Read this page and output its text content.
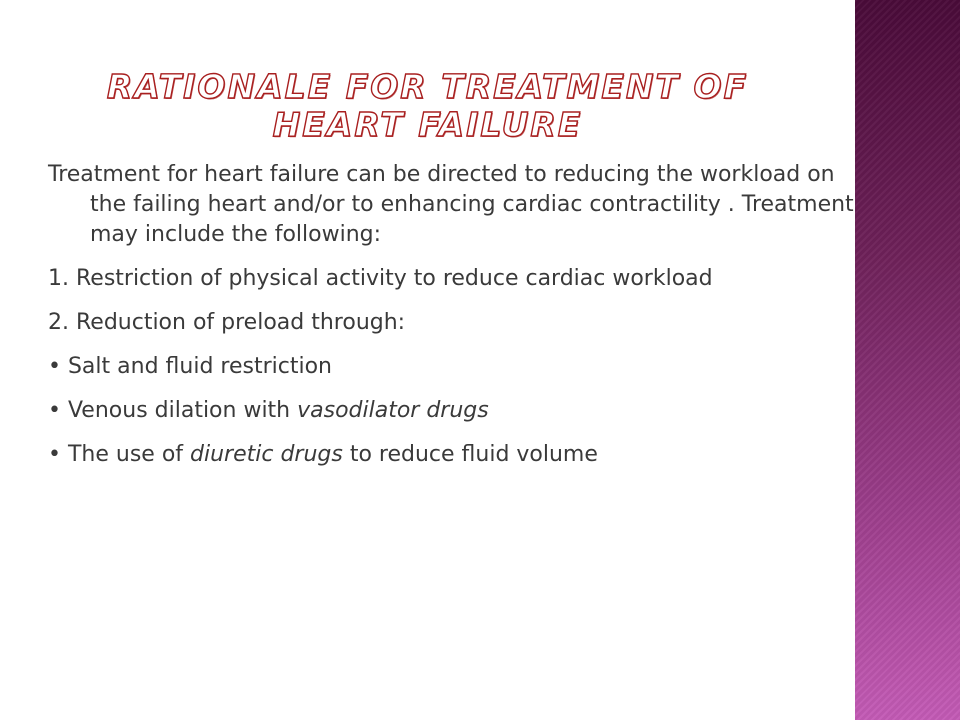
RATIONALE FOR TREATMENT OF HEART FAILURE

Treatment for heart failure can be directed to reducing the workload on the failing heart and/or to enhancing cardiac contractility . Treatment may include the following:

1. Restriction of physical activity to reduce cardiac workload

2. Reduction of preload through:

• Salt and fluid restriction

• Venous dilation with vasodilator drugs

• The use of diuretic drugs to reduce fluid volume
